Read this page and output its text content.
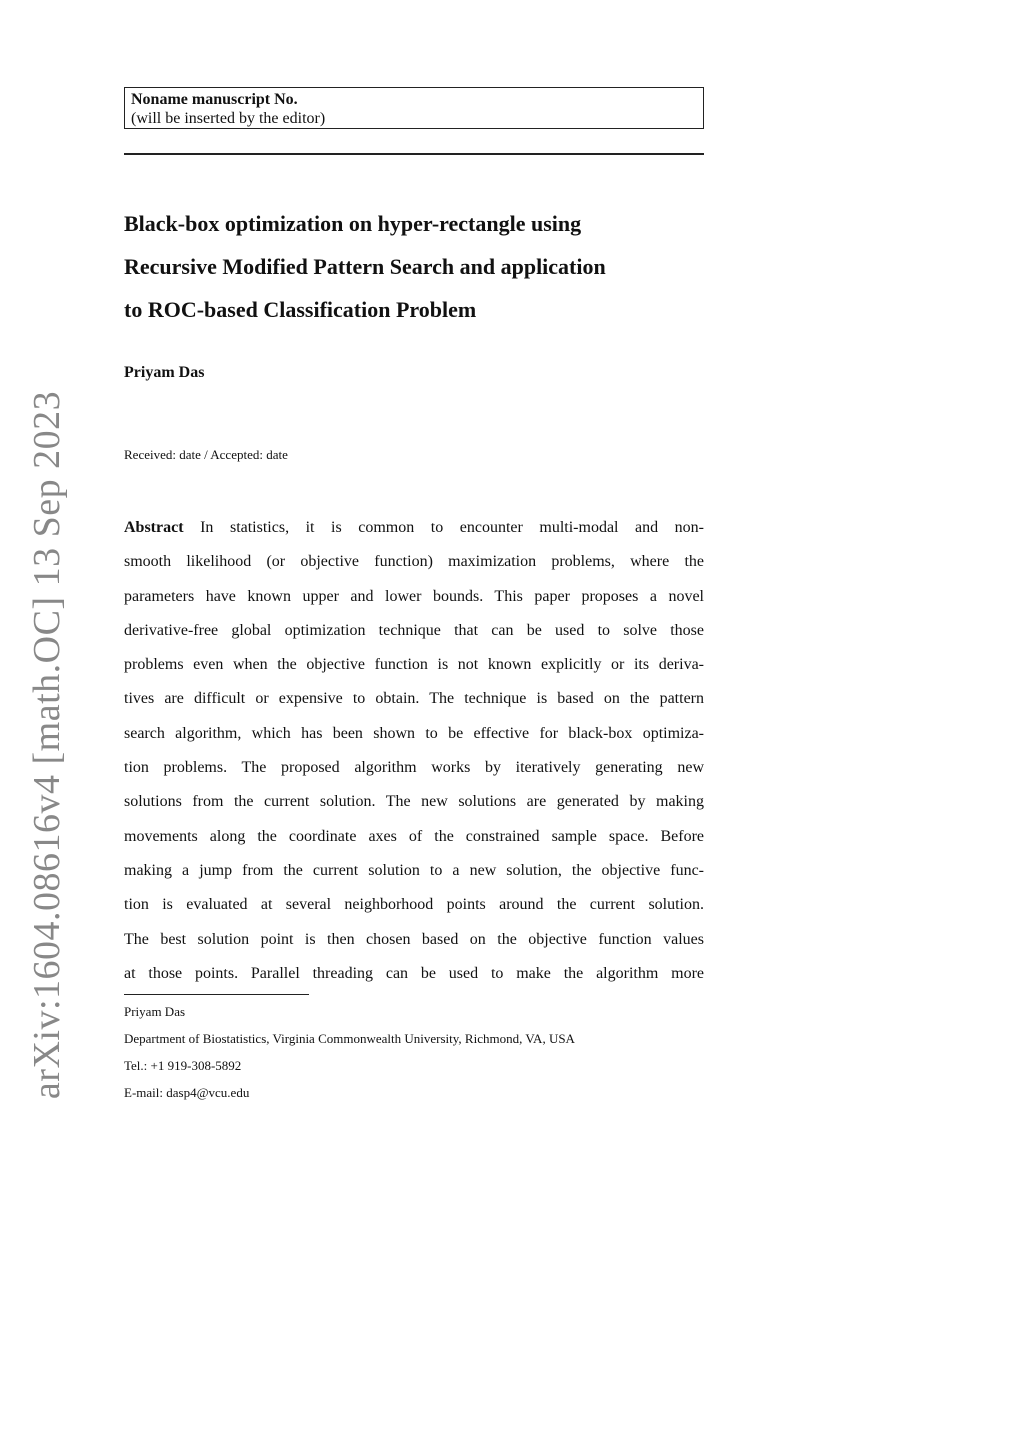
arXiv:1604.08616v4 [math.OC] 13 Sep 2023
Noname manuscript No.
(will be inserted by the editor)
Black-box optimization on hyper-rectangle using
Recursive Modified Pattern Search and application
to ROC-based Classification Problem
Priyam Das
Received: date / Accepted: date
Abstract In statistics, it is common to encounter multi-modal and non-
smooth likelihood (or objective function) maximization problems, where the
parameters have known upper and lower bounds. This paper proposes a novel
derivative-free global optimization technique that can be used to solve those
problems even when the objective function is not known explicitly or its deriva-
tives are difficult or expensive to obtain. The technique is based on the pattern
search algorithm, which has been shown to be effective for black-box optimiza-
tion problems. The proposed algorithm works by iteratively generating new
solutions from the current solution. The new solutions are generated by making
movements along the coordinate axes of the constrained sample space. Before
making a jump from the current solution to a new solution, the objective func-
tion is evaluated at several neighborhood points around the current solution.
The best solution point is then chosen based on the objective function values
at those points. Parallel threading can be used to make the algorithm more
Priyam Das
Department of Biostatistics, Virginia Commonwealth University, Richmond, VA, USA
Tel.: +1 919-308-5892
E-mail: dasp4@vcu.edu
